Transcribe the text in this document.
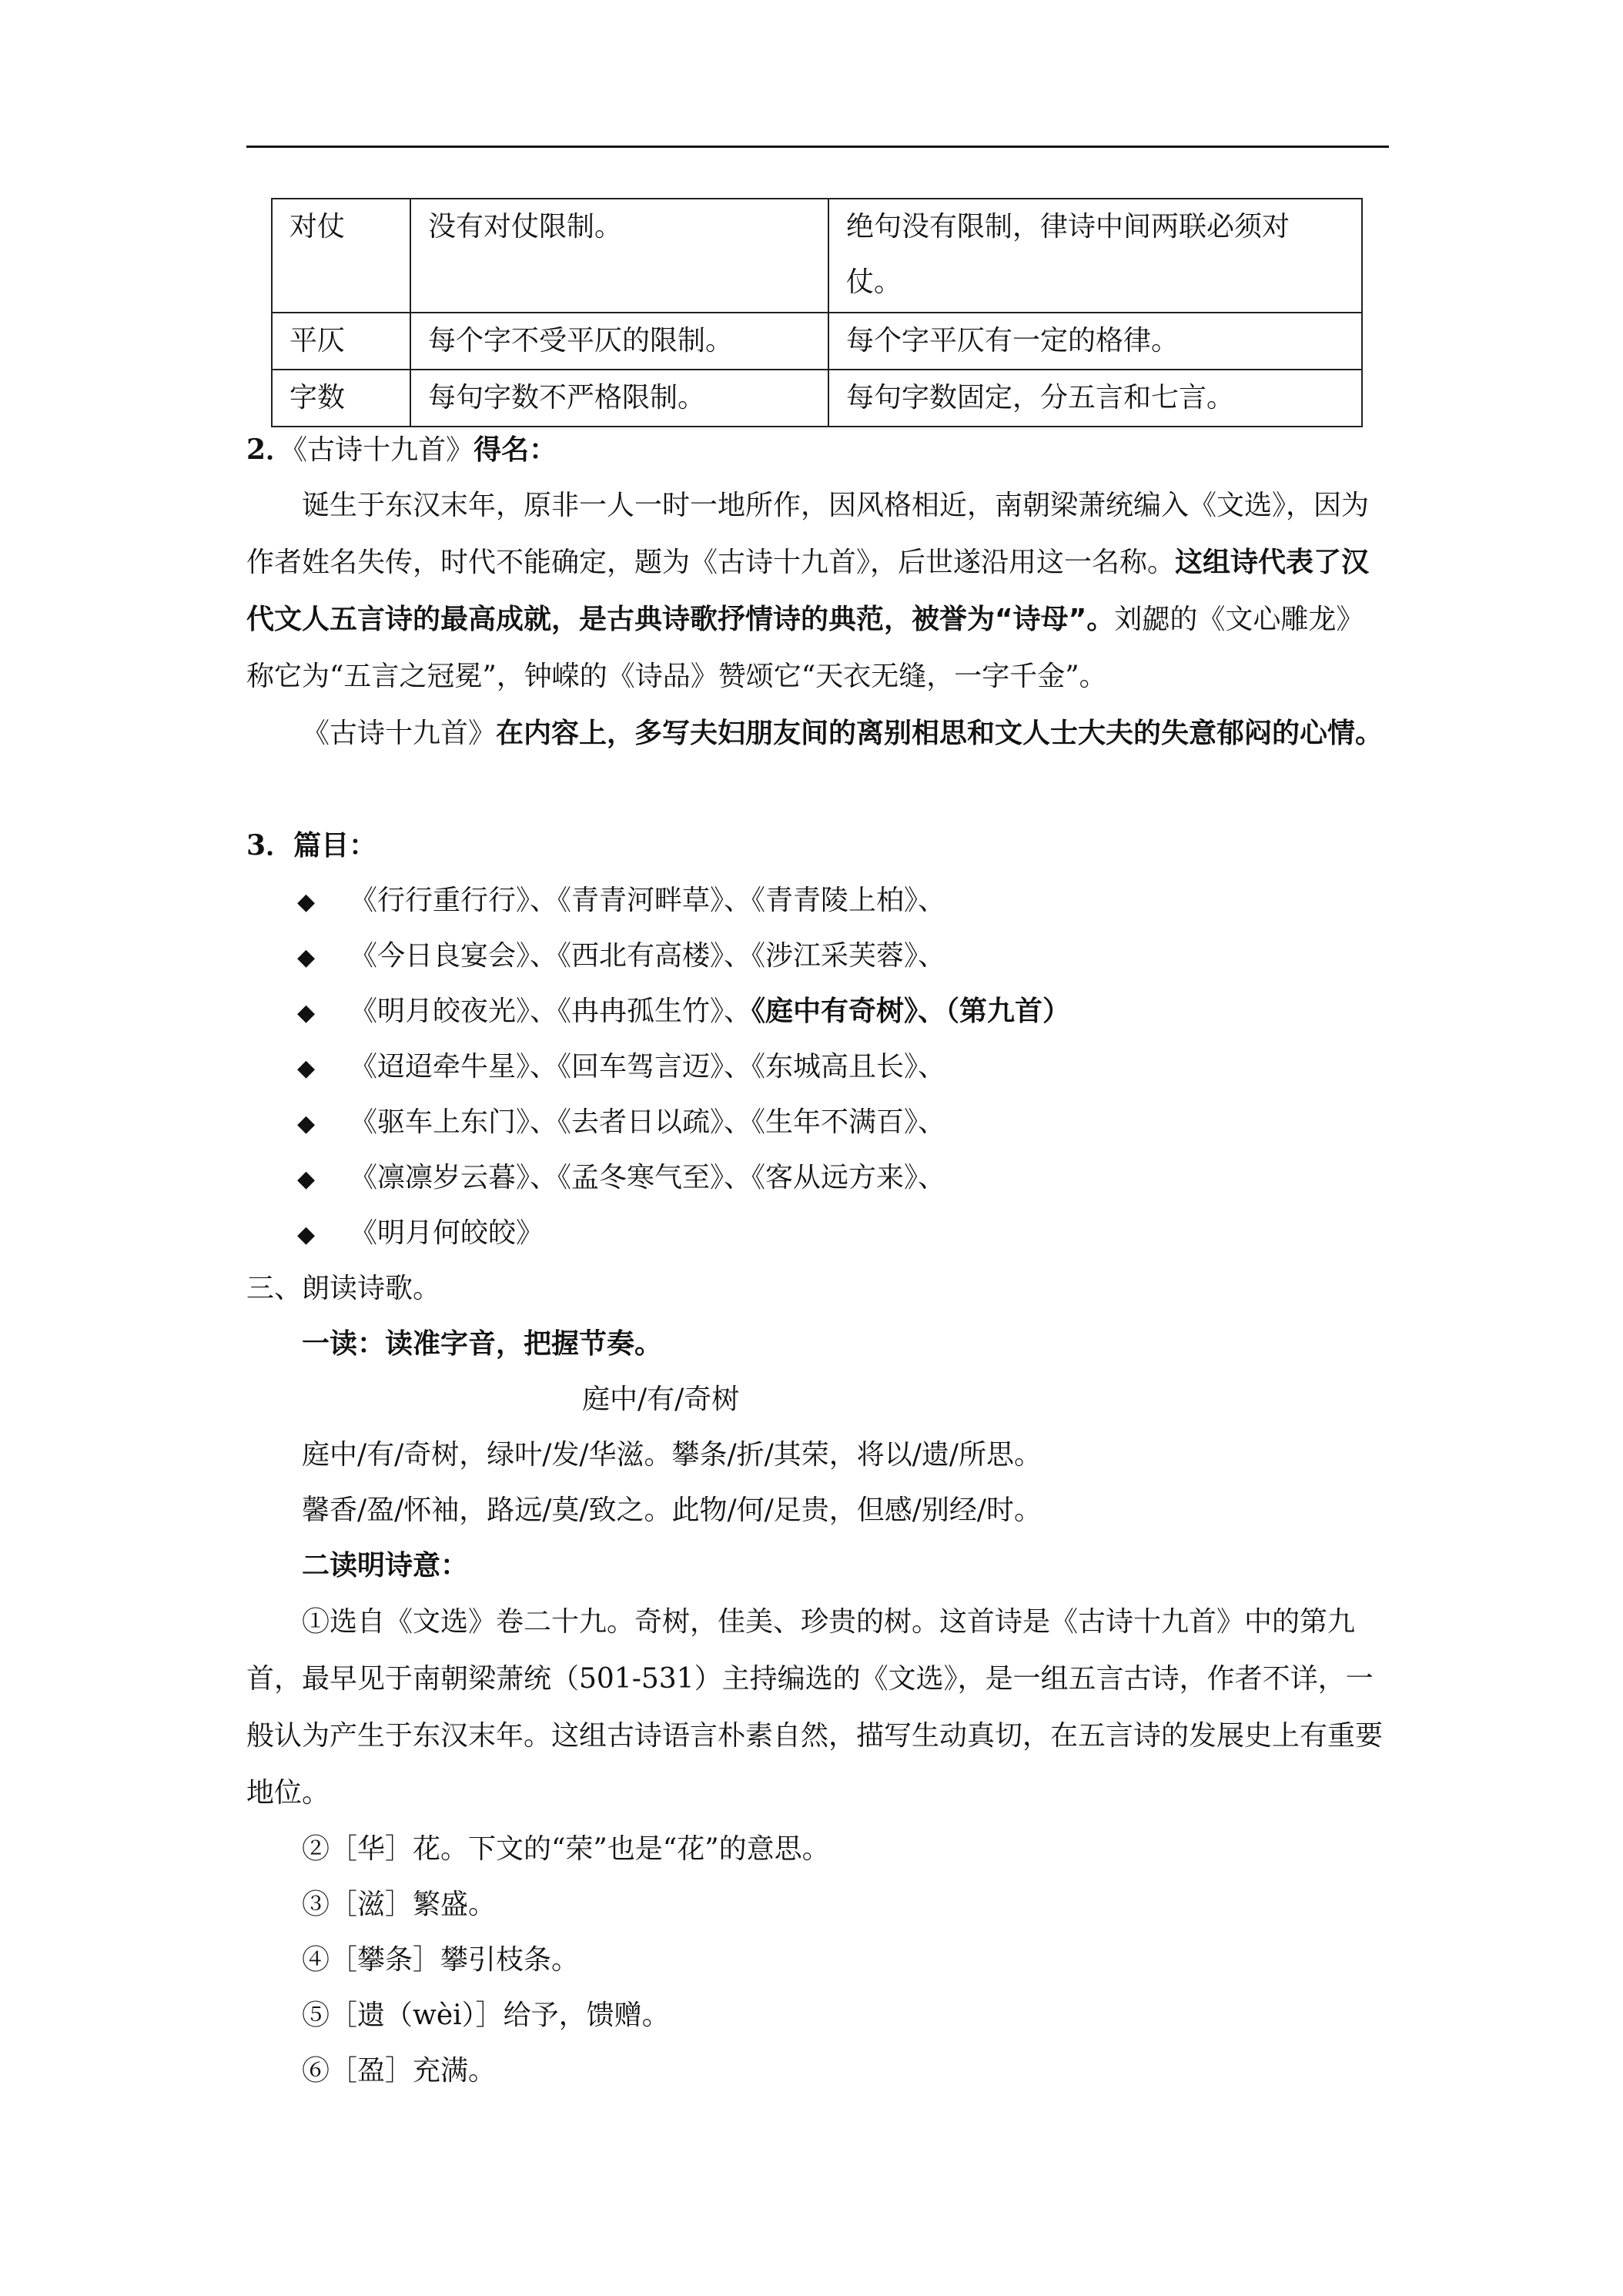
对仗	没有对仗限制。	绝句没有限制，律诗中间两联必须对仗。
平仄	每个字不受平仄的限制。	每个字平仄有一定的格律。
字数	每句字数不严格限制。	每句字数固定，分五言和七言。
2．《古诗十九首》得名：
诞生于东汉末年，原非一人一时一地所作，因风格相近，南朝梁萧统编入《文选》，因为作者姓名失传，时代不能确定，题为《古诗十九首》，后世遂沿用这一名称。这组诗代表了汉代文人五言诗的最高成就，是古典诗歌抒情诗的典范，被誉为“诗母”。刘勰的《文心雕龙》称它为“五言之冠冕”，钟嵘的《诗品》赞颂它“天衣无缝，一字千金”。
《古诗十九首》在内容上，多写夫妇朋友间的离别相思和文人士大夫的失意郁闷的心情。
3．篇目：
◆ 《行行重行行》、《青青河畔草》、《青青陵上柏》、
◆ 《今日良宴会》、《西北有高楼》、《涉江采芙蓉》、
◆ 《明月皎夜光》、《冉冉孤生竹》、《庭中有奇树》、（第九首）
◆ 《迢迢牵牛星》、《回车驾言迈》、《东城高且长》、
◆ 《驱车上东门》、《去者日以疏》、《生年不满百》、
◆ 《凛凛岁云暮》、《孟冬寒气至》、《客从远方来》、
◆ 《明月何皎皎》
三、朗读诗歌。
一读：读准字音，把握节奏。
庭中/有/奇树
庭中/有/奇树，绿叶/发/华滋。攀条/折/其荣，将以/遗/所思。
馨香/盈/怀袖，路远/莫/致之。此物/何/足贵，但感/别经/时。
二读明诗意：
①选自《文选》卷二十九。奇树，佳美、珍贵的树。这首诗是《古诗十九首》中的第九首，最早见于南朝梁萧统（501-531）主持编选的《文选》，是一组五言古诗，作者不详，一般认为产生于东汉末年。这组古诗语言朴素自然，描写生动真切，在五言诗的发展史上有重要地位。
②［华］花。下文的“荣”也是“花”的意思。
③［滋］繁盛。
④［攀条］攀引枝条。
⑤［遗（wèi）］给予，馈赠。
⑥［盈］充满。
